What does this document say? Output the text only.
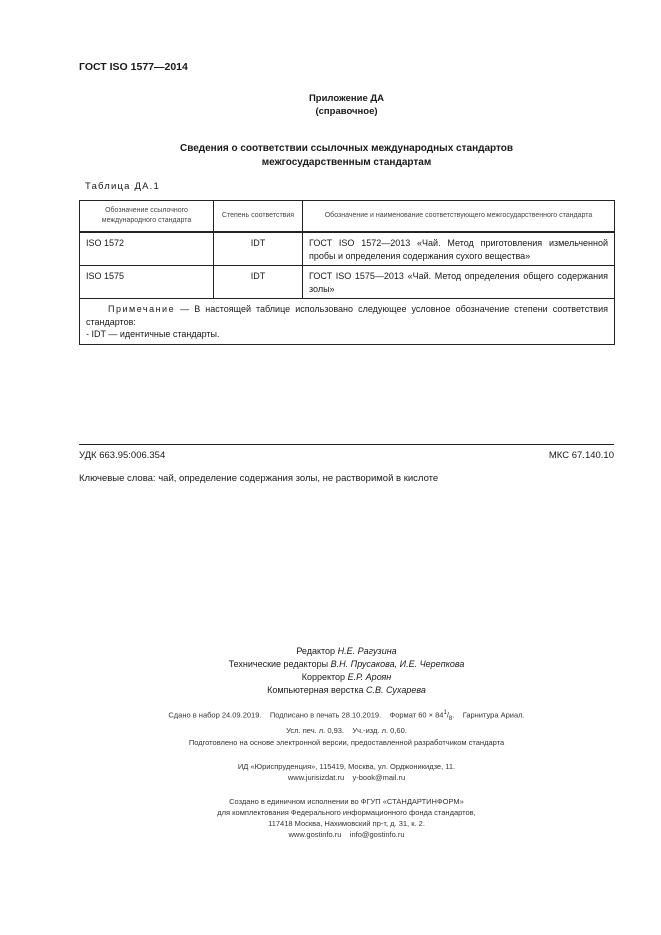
ГОСТ ISO 1577—2014
Приложение ДА
(справочное)
Сведения о соответствии ссылочных международных стандартов
межгосударственным стандартам
Таблица ДА.1
Обозначение ссылочного международного стандарта	Степень соответствия	Обозначение и наименование соответствующего межгосударственного стандарта
ISO 1572	IDT	ГОСТ ISO 1572—2013 «Чай. Метод приготовления измельченной пробы и определения содержания сухого вещества»
ISO 1575	IDT	ГОСТ ISO 1575—2013 «Чай. Метод определения общего содержания золы»

Примечание — В настоящей таблице использовано следующее условное обозначение степени соответствия стандартов:
- IDT — идентичные стандарты.		
УДК 663.95:006.354	МКС 67.140.10
Ключевые слова: чай, определение содержания золы, не растворимой в кислоте
Редактор Н.Е. Рагузина
Технические редакторы В.Н. Прусакова, И.Е. Черепкова
Корректор Е.Р. Ароян
Компьютерная верстка С.В. Сухарева
Сдано в набор 24.09.2019. Подписано в печать 28.10.2019. Формат $60 \times 84^1/_8$.    Гарнитура Ариал.
Усл. печ. л. 0,93. Уч.-изд. л. 0,60.
Подготовлено на основе электронной версии, предоставленной разработчиком стандарта
ИД «Юриспруденция», 115419, Москва, ул. Орджоникидзе, 11.
www.jurisizdat.ru y-book@mail.ru
Создано в единичном исполнении во ФГУП «СТАНДАРТИНФОРМ»
для комплектования Федерального информационного фонда стандартов,
117418 Москва, Нахимовский пр-т, д. 31, к. 2.
www.gostinfo.ru info@gostinfo.ru
